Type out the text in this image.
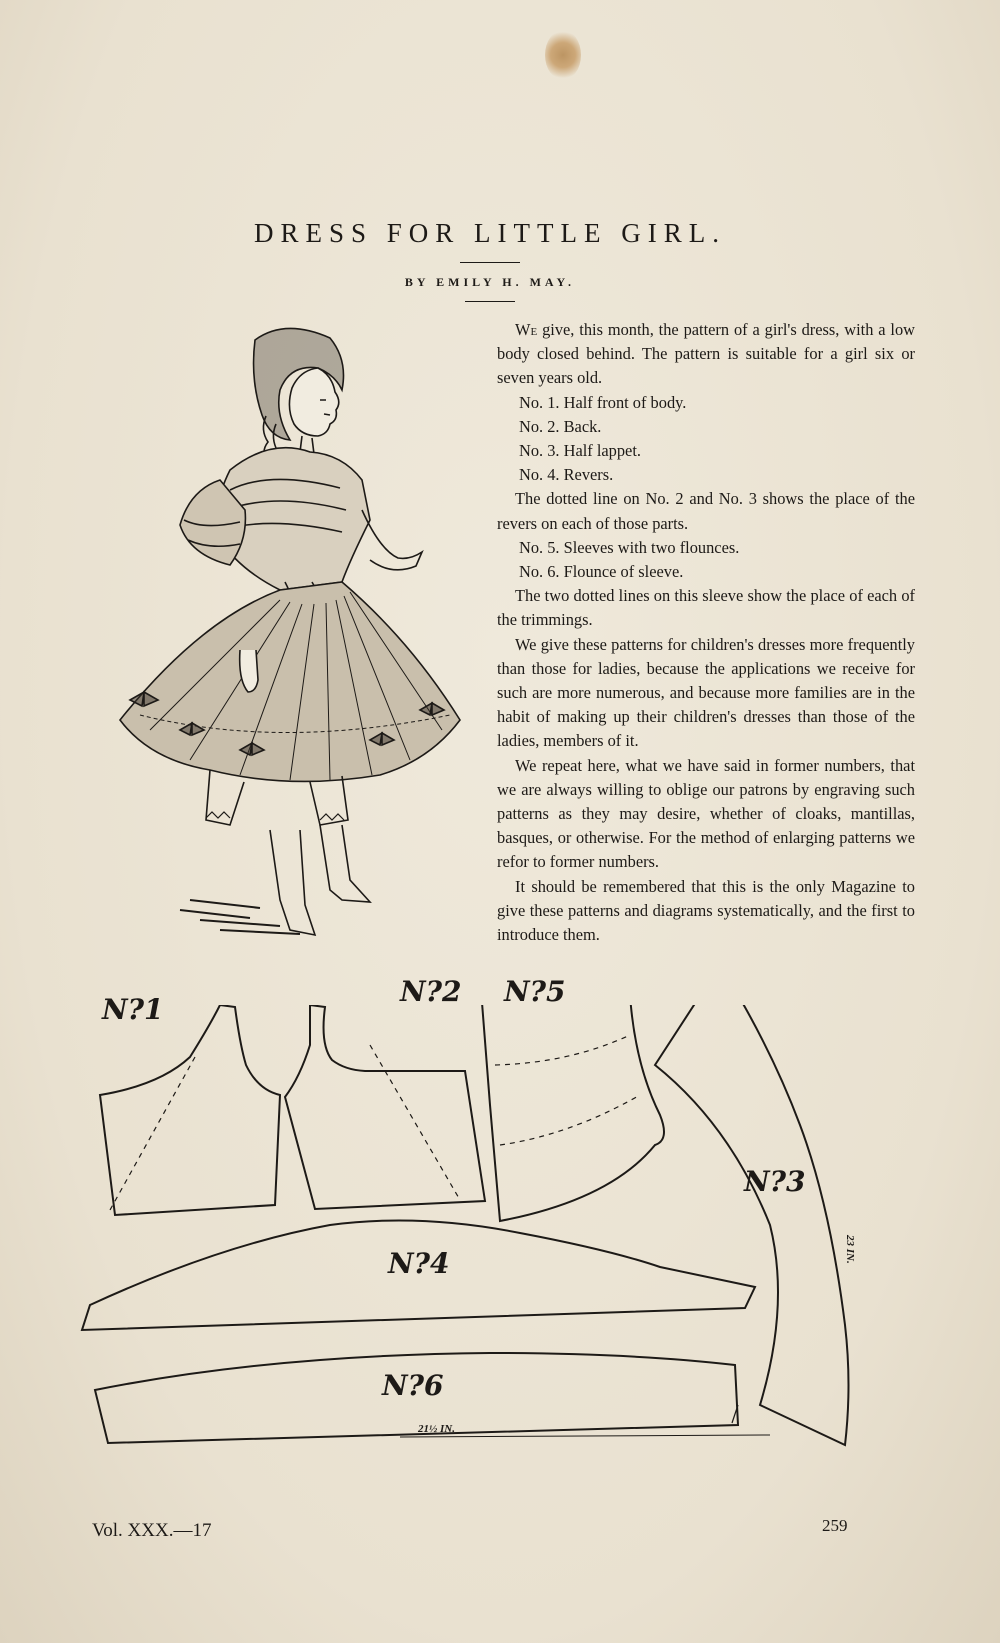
DRESS FOR LITTLE GIRL.
BY EMILY H. MAY.

We give, this month, the pattern of a girl's dress, with a low body closed behind. The pattern is suitable for a girl six or seven years old.

No. 1. Half front of body.

No. 2. Back.

No. 3. Half lappet.

No. 4. Revers.

The dotted line on No. 2 and No. 3 shows the place of the revers on each of those parts.

No. 5. Sleeves with two flounces.

No. 6. Flounce of sleeve.

The two dotted lines on this sleeve show the place of each of the trimmings.

We give these patterns for children's dresses more frequently than those for ladies, because the applications we receive for such are more numerous, and because more families are in the habit of making up their children's dresses than those of the ladies, members of it.

We repeat here, what we have said in former numbers, that we are always willing to oblige our patrons by engraving such patterns as they may desire, whether of cloaks, mantillas, basques, or otherwise. For the method of enlarging patterns we refor to former numbers.

It should be remembered that this is the only Magazine to give these patterns and diagrams systematically, and the first to introduce them.

N?1
N?2 N?5
N?3
N?4
N?6
21½ IN.
23 IN.
Vol. XXX.—17	259
